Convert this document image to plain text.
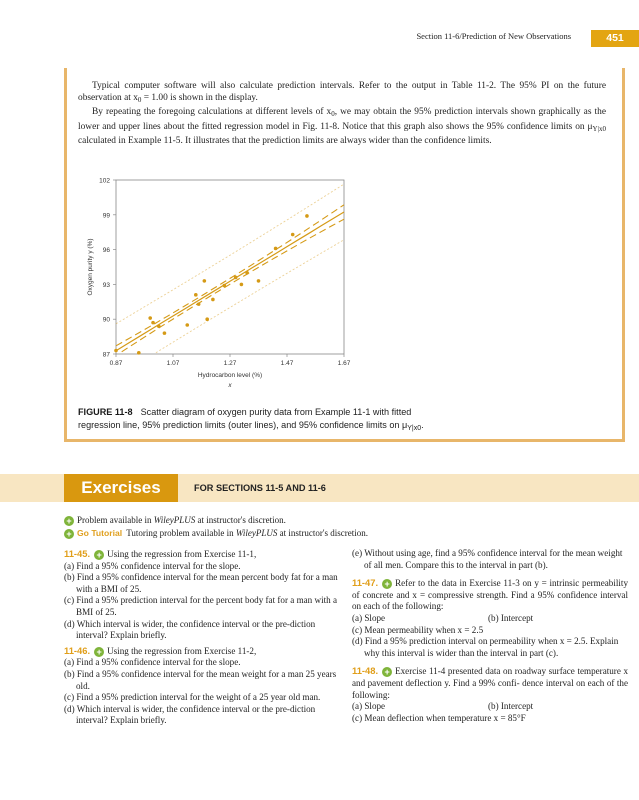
Section 11-6/Prediction of New Observations	451

Typical computer software will also calculate prediction intervals. Refer to the output in Table 11-2. The 95% PI on the future observation at $x_0 = 1.00$ is shown in the display.

By repeating the foregoing calculations at different levels of $x_0$, we may obtain the 95% prediction intervals shown graphically as the lower and upper lines about the fitted regression model in Fig. 11-8. Notice that this graph also shows the 95% confidence limits on $\mu_{Y|x0}$ calculated in Example 11-5. It illustrates that the prediction limits are always wider than the confidence limits.

0.87	1.07	1.27	1.47	1.67
87
90
93
96
99
102
Hydrocarbon level (%)
x
Oxygen purity y (%)
FIGURE 11-8 Scatter diagram of oxygen purity data from Example 11-1 with fitted
regression line, 95% prediction limits (outer lines), and 95% confidence limits on $\mu_{Y|x0}$.
Exercises	FOR SECTIONS 11-5 AND 11-6
+ Problem available in WileyPLUS at instructor's discretion.
+ Go Tutorial Tutoring problem available in WileyPLUS at instructor's discretion.
11-45. + Using the regression from Exercise 11-1,
(a) Find a 95% confidence interval for the slope.
(b) Find a 95% confidence interval for the mean percent body fat for a man with a BMI of 25.
(c) Find a 95% prediction interval for the percent body fat for a man with a BMI of 25.
(d) Which interval is wider, the confidence interval or the pre-diction interval? Explain briefly.
11-46. + Using the regression from Exercise 11-2,
(a) Find a 95% confidence interval for the slope.
(b) Find a 95% confidence interval for the mean weight for a man 25 years old.
(c) Find a 95% prediction interval for the weight of a 25 year old man.
(d) Which interval is wider, the confidence interval or the pre-diction interval? Explain briefly.
(e) Without using age, find a 95% confidence interval for the mean weight of all men. Compare this to the interval in part (b).
11-47. + Refer to the data in Exercise 11-3 on y = intrinsic permeability of concrete and x = compressive strength. Find a 95% confidence interval on each of the following:
(a) Slope	(b) Intercept
(c) Mean permeability when x = 2.5
(d) Find a 95% prediction interval on permeability when x = 2.5. Explain why this interval is wider than the interval in part (c).
11-48. + Exercise 11-4 presented data on roadway surface temperature x and pavement deflection y. Find a 99% confi- dence interval on each of the following:
(a) Slope	(b) Intercept
(c) Mean deflection when temperature x = 85°F
